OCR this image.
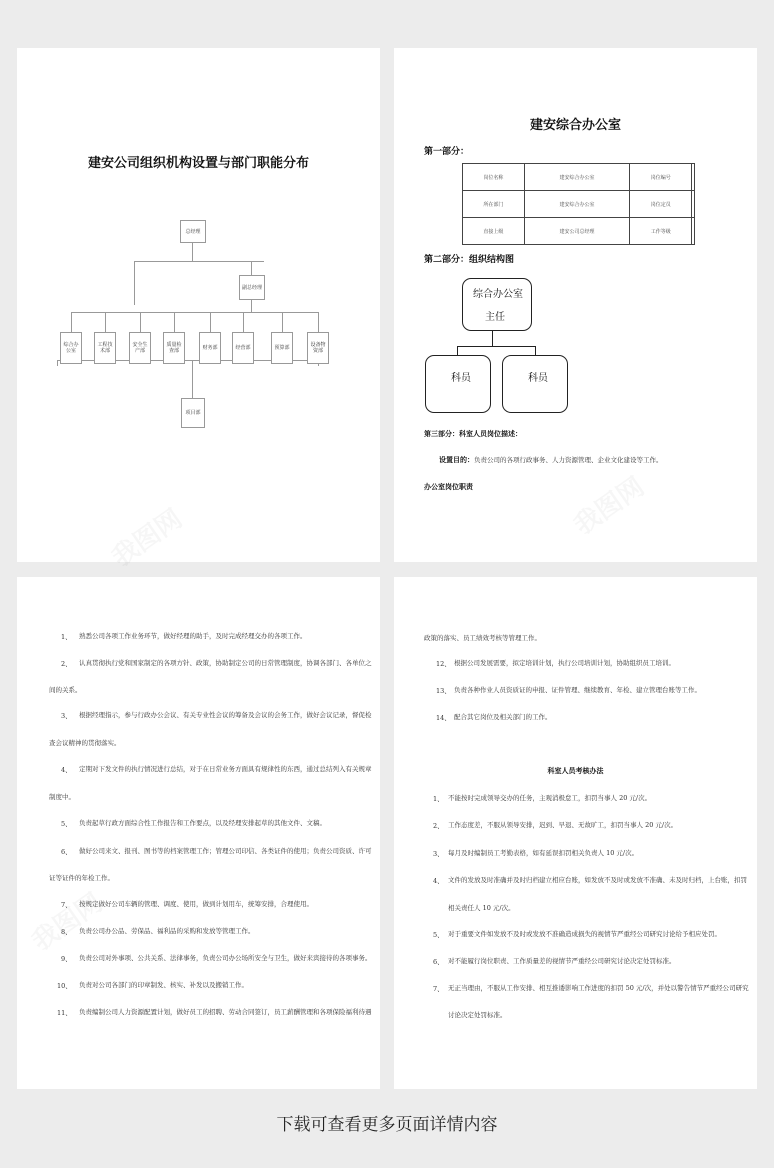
建安公司组织机构设置与部门职能分布
总经理
副总经理
综合办公室
工程技术部
安全生产部
质量检查部	财务部	经营部	预算部	设备物资部
项目部
建安综合办公室
第一部分：
岗位名称	建安综合办公室	岗位编号	
所在部门	建安综合办公室	岗位定员	
直接上级	建安公司总经理	工作等级	
第二部分：组织结构图
综合办公室
主任
科员	科员
第三部分：科室人员岗位描述：
设置目的：负责公司的各项行政事务、人力资源管理、企业文化建设等工作。
办公室岗位职责
1、 熟悉公司各项工作业务环节，做好经理的助手，及时完成经理交办的各项工作。

2、 认真贯彻执行党和国家制定的各项方针、政策，协助制定公司的日常管理制度，协调各部门、各单位之

间的关系。

3、 根据经理指示，参与行政办公会议、有关专业性会议的筹备及会议的会务工作，做好会议记录，督促检

查会议精神的贯彻落实。

4、 定期对下发文件的执行情况进行总结，对于在日常业务方面具有规律性的东西，通过总结列入有关规章

制度中。

5、 负责起草行政方面综合性工作报告和工作要点，以及经理安排起草的其他文件、文稿。

6、 做好公司来文、报刊、图书等的档案管理工作；管理公司印信、各类证件的使用；负责公司资质、许可

证等证件的年检工作。

7、 按规定做好公司车辆的管理、调度、使用，做到计划用车，统筹安排，合理使用。

8、 负责公司办公品、劳保品、福利品的采购和发放等管理工作。

9、 负责公司对外事项、公共关系、法律事务，负责公司办公场所安全与卫生，做好来宾接待的各项事务。

10、 负责对公司各部门的印章制发、核实、补发以及搬销工作。

11、 负责编制公司人力资源配置计划，做好员工的招聘、劳动合同签订，员工薪酬管理和各项保险福利待遇

政策的落实、员工绩效考核等管理工作。

12、 根据公司发展需要，拟定培训计划，执行公司培训计划，协助组织员工培训。

13、 负责各种作业人员资质证的申报、证件管理、继续教育、年检、建立管理台账等工作。

14、 配合其它岗位及相关部门的工作。

科室人员考核办法
1、 不能按时完成领导交办的任务，主观消极怠工，扣罚当事人 20 元/次。

2、 工作态度差，不服从领导安排，迟到、早退、无故旷工，扣罚当事人 20 元/次。

3、 每月及时编制员工考勤表格，如有延误扣罚相关负责人 10 元/次。

4、 文件的发放及时准确并及时归档建立相应台账，如发放不及时或发放不准确、未及时归档，上台账，扣罚

相关责任人 10 元/次。

5、 对于重要文件如发放不及时或发放不准确造成损失的视情节严重经公司研究讨论给予相应处罚。

6、 对不能履行岗位职责、工作质量差的视情节严重经公司研究讨论决定处罚标准。

7、 无正当理由，不服从工作安排、相互推诿影响工作进度的扣罚 50 元/次，并处以警告情节严重经公司研究

讨论决定处罚标准。

下载可查看更多页面详情内容
